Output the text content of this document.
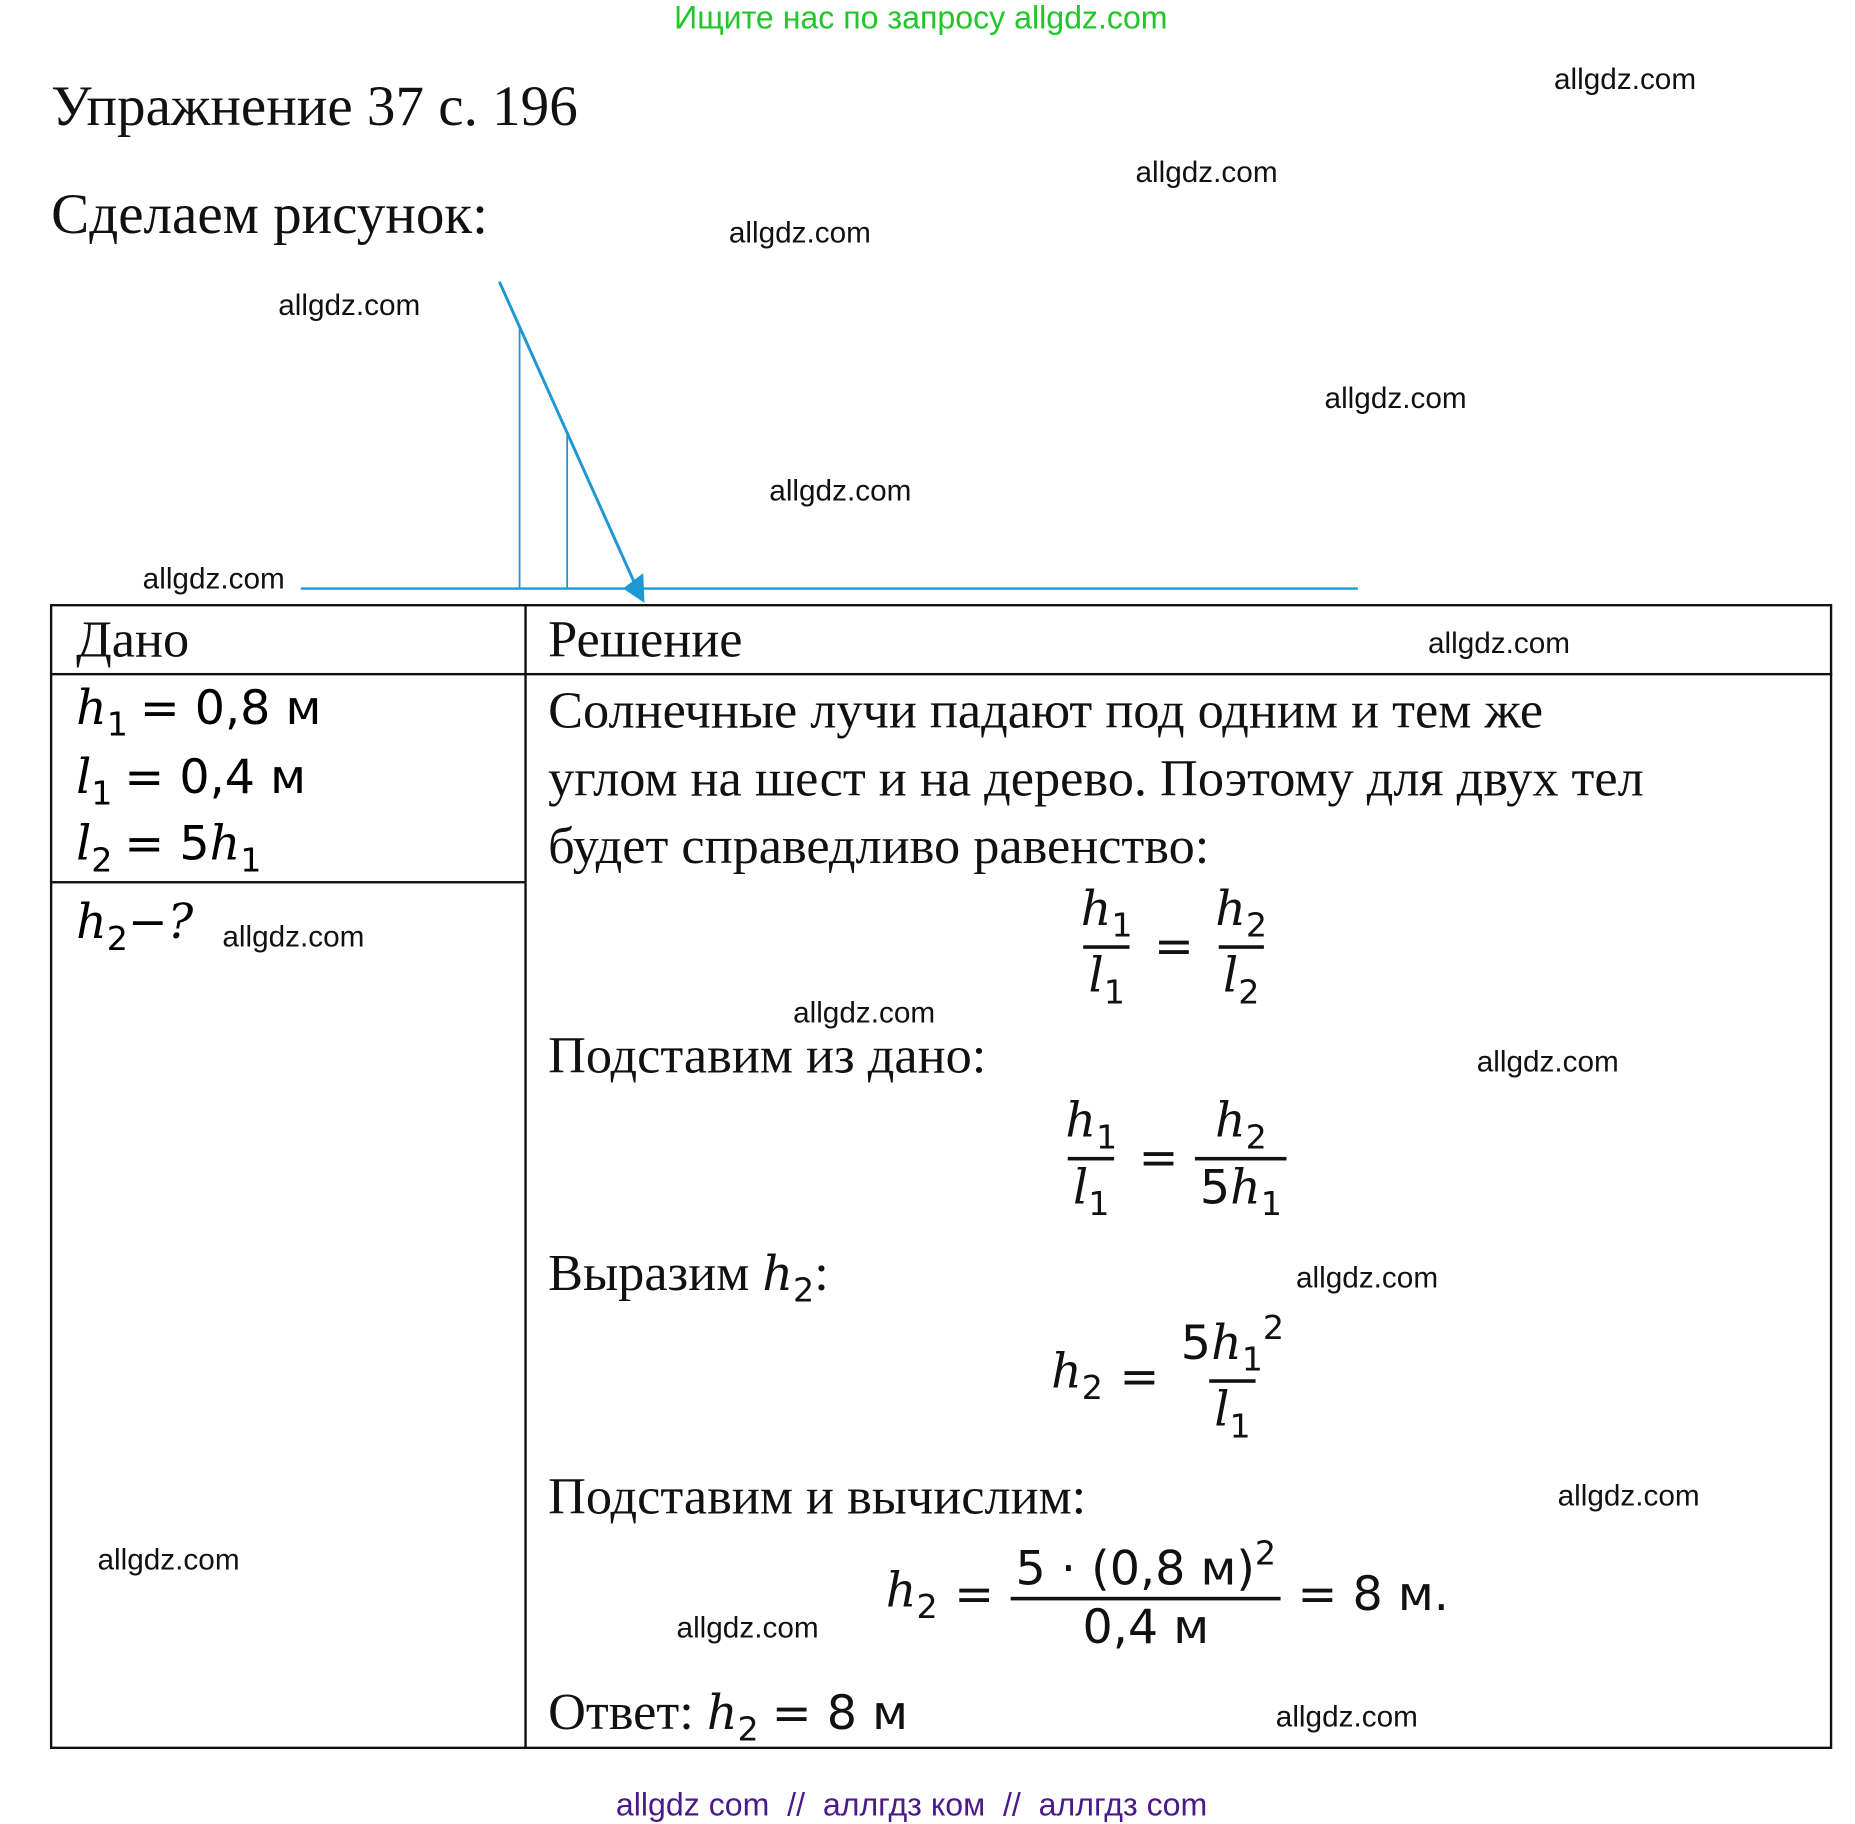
Ищите нас по запросу allgdz.com
Упражнение 37 с. 196
Сделаем рисунок:
Дано	Решение
$h_1 = 0,8$ м
$l_1 = 0,4$ м
$l_2 = 5h_1$
$h_2-$?
Солнечные лучи падают под одним и тем же
углом на шест и на дерево. Поэтому для двух тел
будет справедливо равенство:
$\frac{h_1}{l_1} = \frac{h_2}{l_2}$
Подставим из дано:
$\frac{h_1}{l_1} = \frac{h_2}{5h_1}$
Выразим $h_2$:
$h_2 = \frac{5h_1^2}{l_1}$
Подставим и вычислим:
$h_2 = \frac{5 \cdot (0,8 м)^2}{0,4 м} = 8$ м.
Ответ: $h_2 = 8$ м
allgdz com  //  аллгдз ком  //  аллгдз com
allgdz.com
allgdz.com
allgdz.com
allgdz.com
allgdz.com
allgdz.com
allgdz.com
allgdz.com
allgdz.com
allgdz.com
allgdz.com
allgdz.com
allgdz.com
allgdz.com
allgdz.com
allgdz.com
